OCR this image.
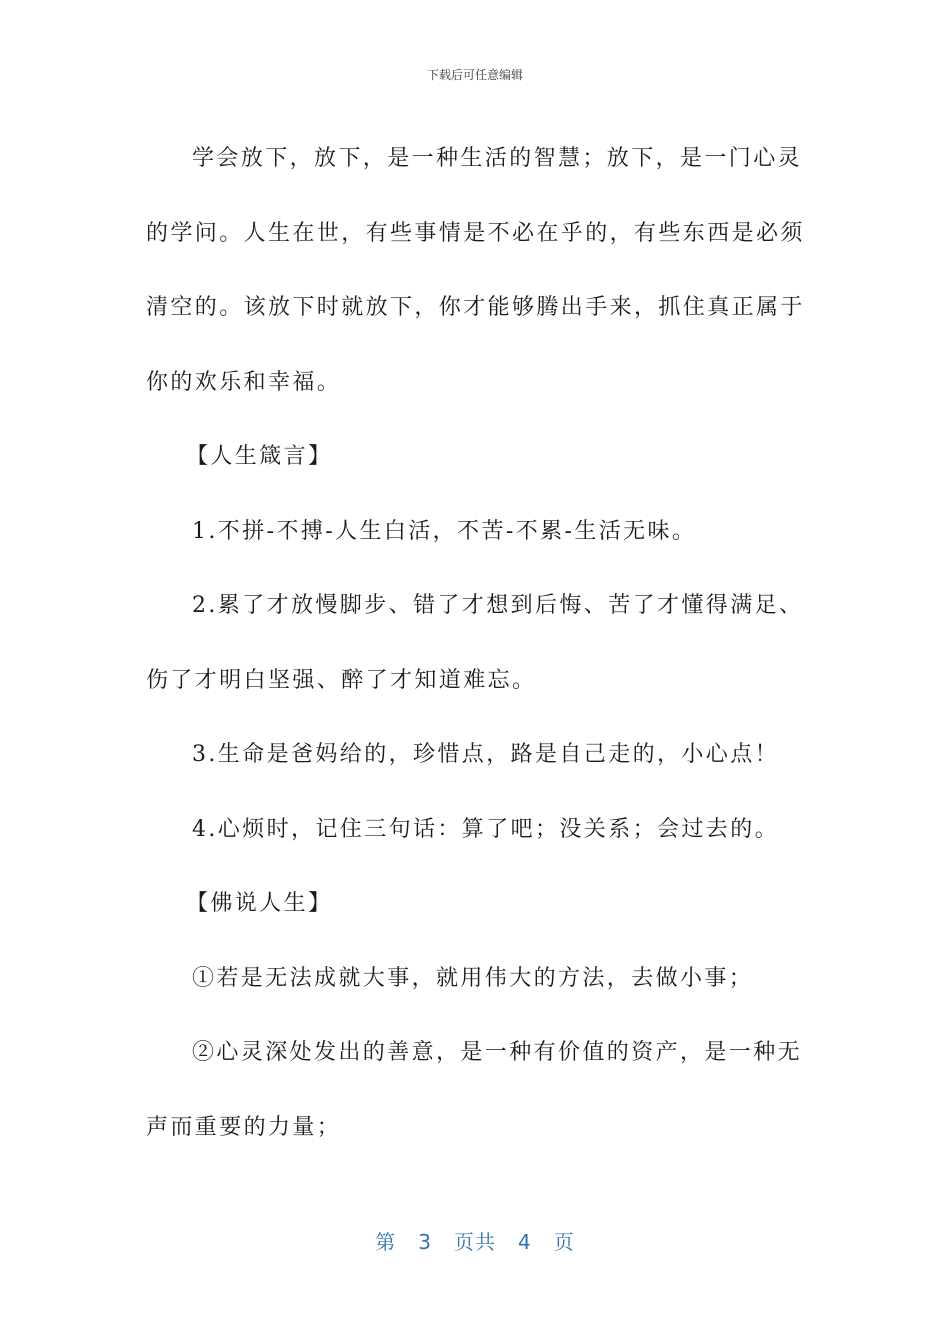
下载后可任意编辑

学会放下，放下，是一种生活的智慧；放下，是一门心灵的学问。人生在世，有些事情是不必在乎的，有些东西是必须清空的。该放下时就放下，你才能够腾出手来，抓住真正属于你的欢乐和幸福。

【人生箴言】

1.不拼-不搏-人生白活，不苦-不累-生活无味。

2.累了才放慢脚步、错了才想到后悔、苦了才懂得满足、伤了才明白坚强、醉了才知道难忘。

3.生命是爸妈给的，珍惜点，路是自己走的，小心点！

4.心烦时，记住三句话：算了吧；没关系；会过去的。

【佛说人生】

①若是无法成就大事，就用伟大的方法，去做小事；

②心灵深处发出的善意，是一种有价值的资产，是一种无声而重要的力量；

第 3 页共 4 页
